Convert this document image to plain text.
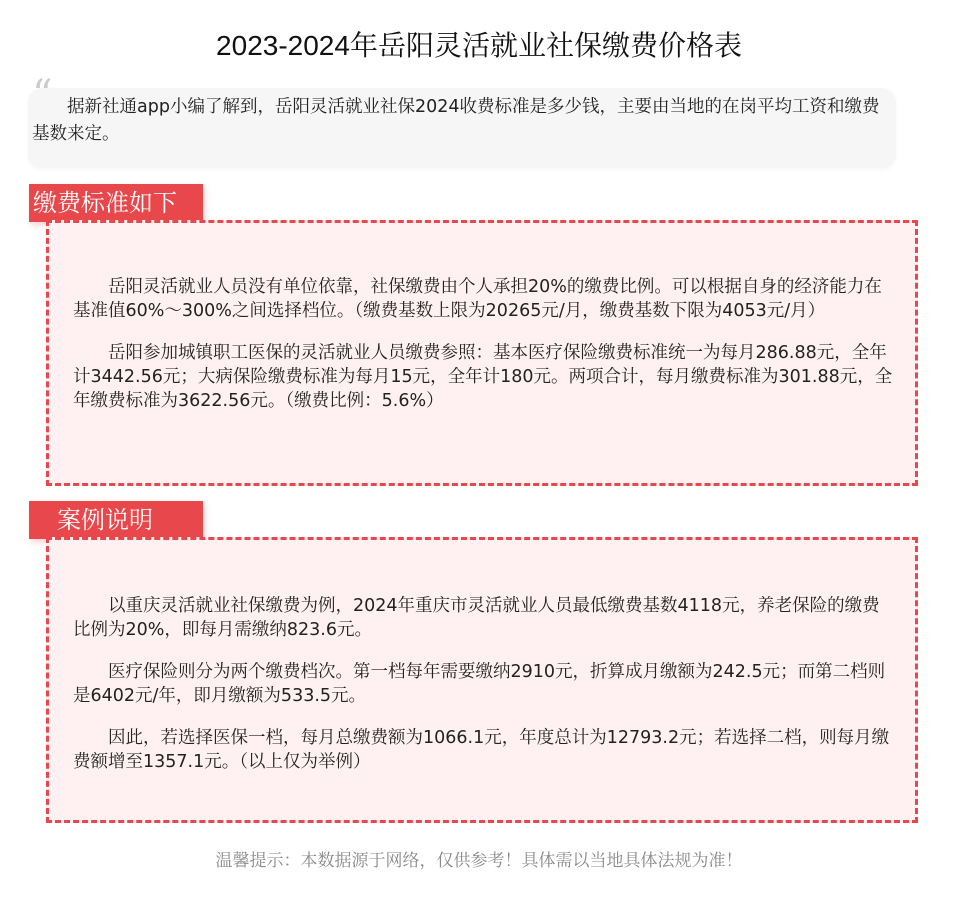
2023-2024年岳阳灵活就业社保缴费价格表
“ 据新社通app小编了解到，岳阳灵活就业社保2024收费标准是多少钱，主要由当地的在岗平均工资和缴费基数来定。
缴费标准如下

岳阳灵活就业人员没有单位依靠，社保缴费由个人承担20%的缴费比例。可以根据自身的经济能力在基准值60%～300%之间选择档位。（缴费基数上限为20265元/月，缴费基数下限为4053元/月）

岳阳参加城镇职工医保的灵活就业人员缴费参照：基本医疗保险缴费标准统一为每月286.88元，全年计3442.56元；大病保险缴费标准为每月15元，全年计180元。两项合计，每月缴费标准为301.88元，全年缴费标准为3622.56元。（缴费比例：5.6%）

案例说明

以重庆灵活就业社保缴费为例，2024年重庆市灵活就业人员最低缴费基数4118元，养老保险的缴费比例为20%，即每月需缴纳823.6元。

医疗保险则分为两个缴费档次。第一档每年需要缴纳2910元，折算成月缴额为242.5元；而第二档则是6402元/年，即月缴额为533.5元。

因此，若选择医保一档，每月总缴费额为1066.1元，年度总计为12793.2元；若选择二档，则每月缴费额增至1357.1元。（以上仅为举例）

温馨提示：本数据源于网络，仅供参考！具体需以当地具体法规为准！
